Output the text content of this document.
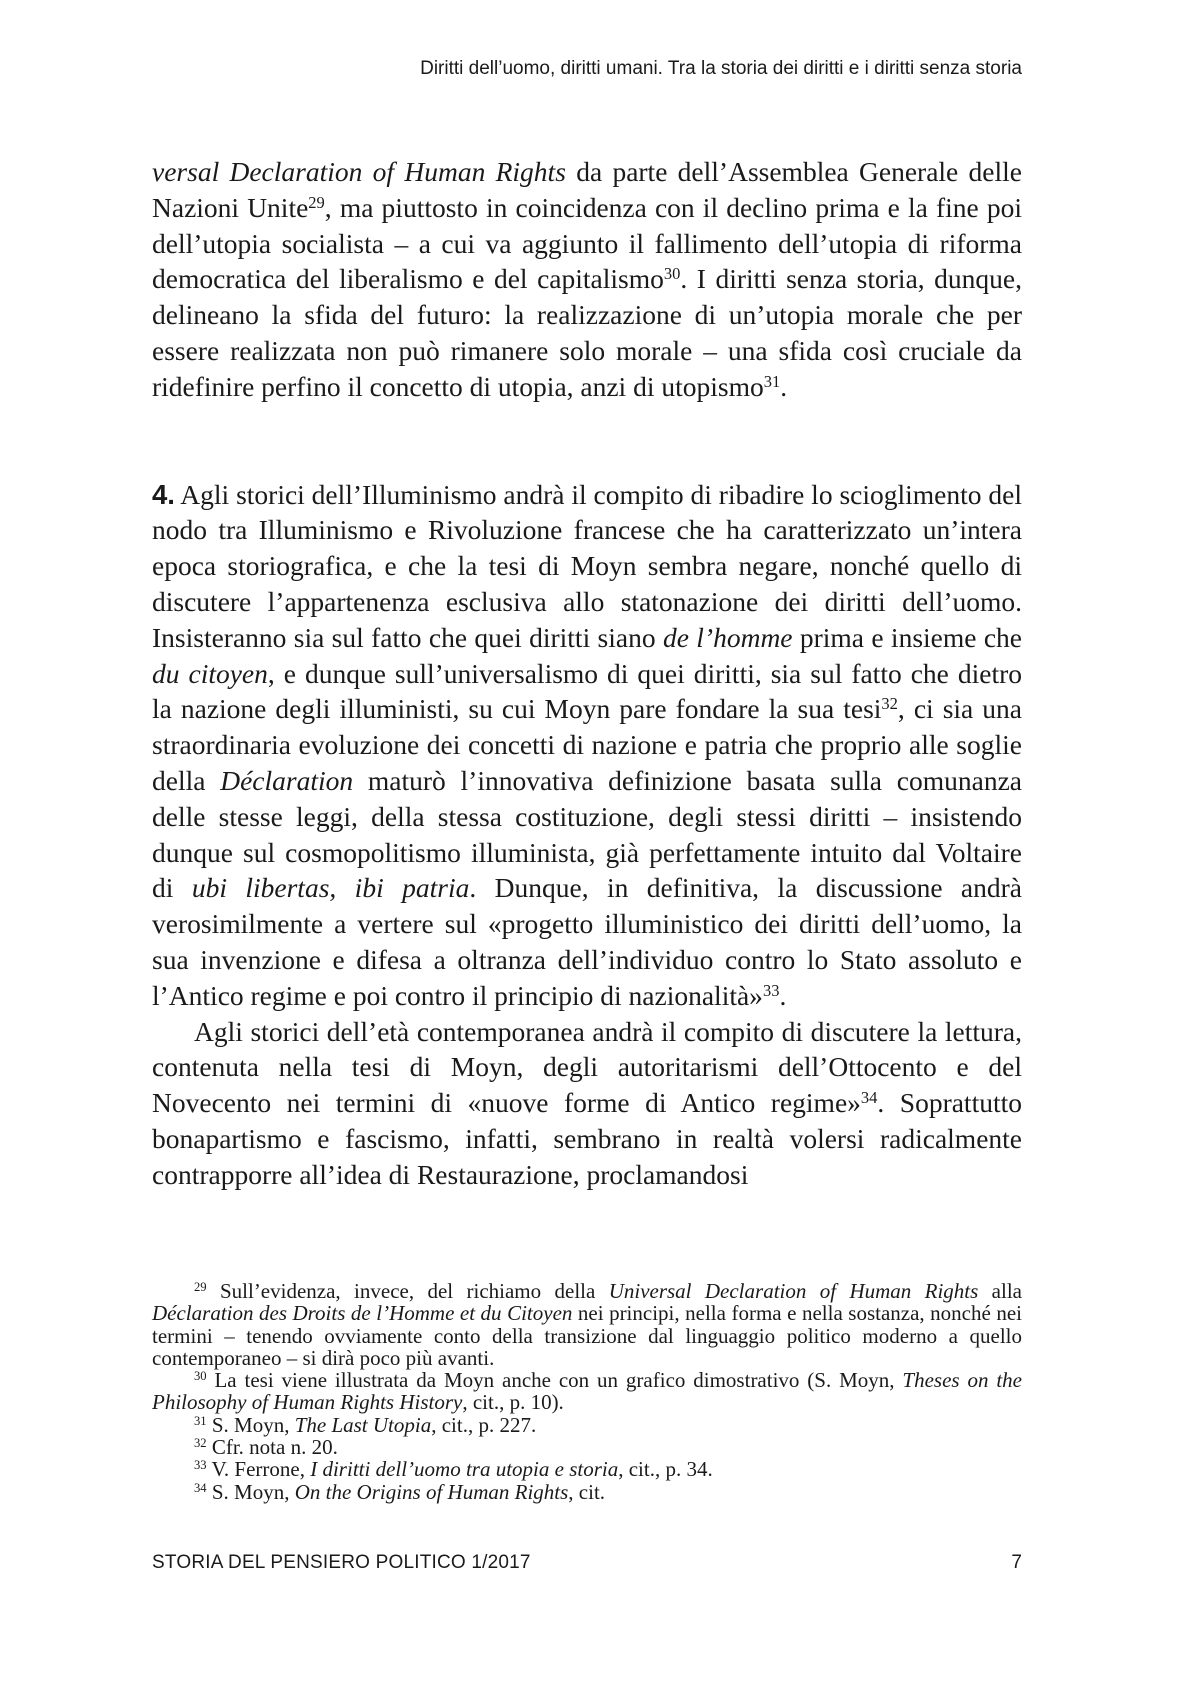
Diritti dell’uomo, diritti umani. Tra la storia dei diritti e i diritti senza storia

versal Declaration of Human Rights da parte dell’Assemblea Generale delle Nazioni Unite$^{29}$, ma piuttosto in coincidenza con il declino prima e la fine poi dell’utopia socialista – a cui va aggiunto il fallimento dell’utopia di riforma democratica del liberalismo e del capitalismo$^{30}$. I diritti senza storia, dunque, delineano la sfida del futuro: la realizzazione di un’utopia morale che per essere realizzata non può rimanere solo morale – una sfida così cruciale da ridefinire perfino il concetto di utopia, anzi di utopismo$^{31}$.

4. Agli storici dell’Illuminismo andrà il compito di ribadire lo scioglimento del nodo tra Illuminismo e Rivoluzione francese che ha caratterizzato un’intera epoca storiografica, e che la tesi di Moyn sembra negare, nonché quello di discutere l’appartenenza esclusiva allo statonazione dei diritti dell’uomo. Insisteranno sia sul fatto che quei diritti siano de l’homme prima e insieme che du citoyen, e dunque sull’universalismo di quei diritti, sia sul fatto che dietro la nazione degli illuministi, su cui Moyn pare fondare la sua tesi$^{32}$, ci sia una straordinaria evoluzione dei concetti di nazione e patria che proprio alle soglie della Déclaration maturò l’innovativa definizione basata sulla comunanza delle stesse leggi, della stessa costituzione, degli stessi diritti – insistendo dunque sul cosmopolitismo illuminista, già perfettamente intuito dal Voltaire di ubi libertas, ibi patria. Dunque, in definitiva, la discussione andrà verosimilmente a vertere sul «progetto illuministico dei diritti dell’uomo, la sua invenzione e difesa a oltranza dell’individuo contro lo Stato assoluto e l’Antico regime e poi contro il principio di nazionalità»$^{33}$.

Agli storici dell’età contemporanea andrà il compito di discutere la lettura, contenuta nella tesi di Moyn, degli autoritarismi dell’Ottocento e del Novecento nei termini di «nuove forme di Antico regime»$^{34}$. Soprattutto bonapartismo e fascismo, infatti, sembrano in realtà volersi radicalmente contrapporre all’idea di Restaurazione, proclamandosi

$^{29}$ Sull’evidenza, invece, del richiamo della Universal Declaration of Human Rights alla Déclaration des Droits de l’Homme et du Citoyen nei principi, nella forma e nella sostanza, nonché nei termini – tenendo ovviamente conto della transizione dal linguaggio politico moderno a quello contemporaneo – si dirà poco più avanti.

$^{30}$ La tesi viene illustrata da Moyn anche con un grafico dimostrativo (S. Moyn, Theses on the Philosophy of Human Rights History, cit., p. 10).

$^{31}$ S. Moyn, The Last Utopia, cit., p. 227.

$^{32}$ Cfr. nota n. 20.

$^{33}$ V. Ferrone, I diritti dell’uomo tra utopia e storia, cit., p. 34.

$^{34}$ S. Moyn, On the Origins of Human Rights, cit.

STORIA DEL PENSIERO POLITICO 1/2017	7
